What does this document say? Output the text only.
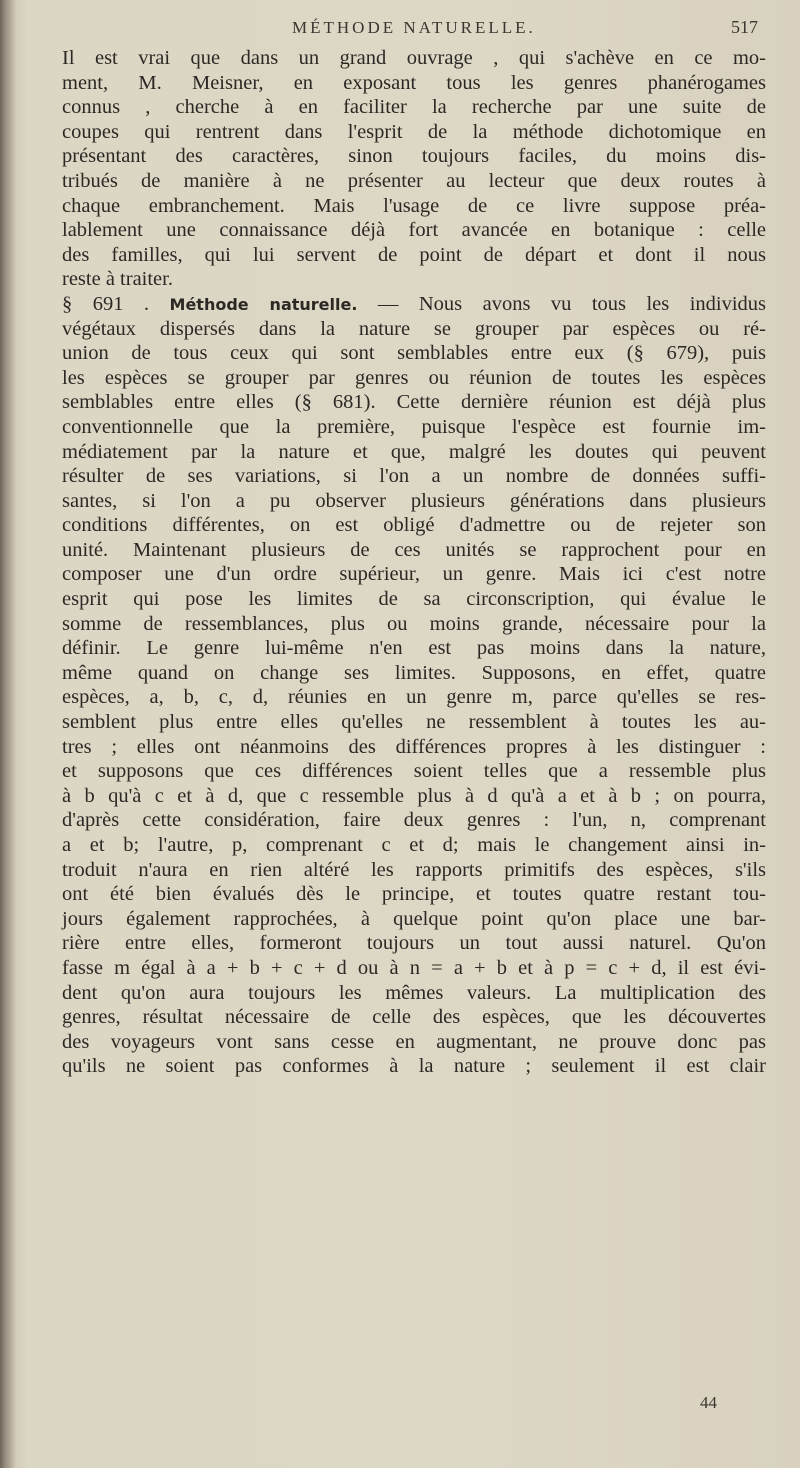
MÉTHODE NATURELLE.	517
Il est vrai que dans un grand ouvrage , qui s'achève en ce mo-
ment, M. Meisner, en exposant tous les genres phanérogames
connus , cherche à en faciliter la recherche par une suite de
coupes qui rentrent dans l'esprit de la méthode dichotomique en
présentant des caractères, sinon toujours faciles, du moins dis-
tribués de manière à ne présenter au lecteur que deux routes à
chaque embranchement. Mais l'usage de ce livre suppose préa-
lablement une connaissance déjà fort avancée en botanique : celle
des familles, qui lui servent de point de départ et dont il nous
reste à traiter.
§ 691 . Méthode naturelle. — Nous avons vu tous les individus
végétaux dispersés dans la nature se grouper par espèces ou ré-
union de tous ceux qui sont semblables entre eux (§ 679), puis
les espèces se grouper par genres ou réunion de toutes les espèces
semblables entre elles (§ 681). Cette dernière réunion est déjà plus
conventionnelle que la première, puisque l'espèce est fournie im-
médiatement par la nature et que, malgré les doutes qui peuvent
résulter de ses variations, si l'on a un nombre de données suffi-
santes, si l'on a pu observer plusieurs générations dans plusieurs
conditions différentes, on est obligé d'admettre ou de rejeter son
unité. Maintenant plusieurs de ces unités se rapprochent pour en
composer une d'un ordre supérieur, un genre. Mais ici c'est notre
esprit qui pose les limites de sa circonscription, qui évalue le
somme de ressemblances, plus ou moins grande, nécessaire pour la
définir. Le genre lui-même n'en est pas moins dans la nature,
même quand on change ses limites. Supposons, en effet, quatre
espèces, a, b, c, d, réunies en un genre m, parce qu'elles se res-
semblent plus entre elles qu'elles ne ressemblent à toutes les au-
tres ; elles ont néanmoins des différences propres à les distinguer :
et supposons que ces différences soient telles que a ressemble plus
à b qu'à c et à d, que c ressemble plus à d qu'à a et à b ; on pourra,
d'après cette considération, faire deux genres : l'un, n, comprenant
a et b; l'autre, p, comprenant c et d; mais le changement ainsi in-
troduit n'aura en rien altéré les rapports primitifs des espèces, s'ils
ont été bien évalués dès le principe, et toutes quatre restant tou-
jours également rapprochées, à quelque point qu'on place une bar-
rière entre elles, formeront toujours un tout aussi naturel. Qu'on
fasse m égal à a + b + c + d ou à n = a + b et à p = c + d, il est évi-
dent qu'on aura toujours les mêmes valeurs. La multiplication des
genres, résultat nécessaire de celle des espèces, que les découvertes
des voyageurs vont sans cesse en augmentant, ne prouve donc pas
qu'ils ne soient pas conformes à la nature ; seulement il est clair
44
